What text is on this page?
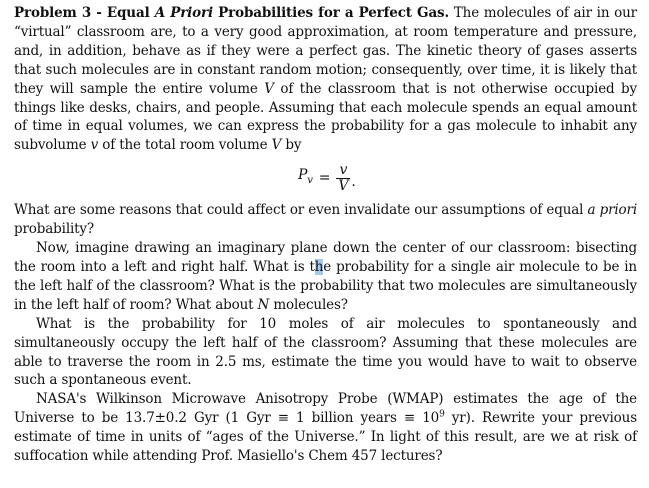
Problem 3 - Equal A Priori Probabilities for a Perfect Gas. The molecules of air in our “virtual” classroom are, to a very good approximation, at room temperature and pressure, and, in addition, behave as if they were a perfect gas. The kinetic theory of gases asserts that such molecules are in constant random motion; consequently, over time, it is likely that they will sample the entire volume V of the classroom that is not otherwise occupied by things like desks, chairs, and people. Assuming that each molecule spends an equal amount of time in equal volumes, we can express the probability for a gas molecule to inhabit any subvolume v of the total room volume V by

$P_v = \frac{v}{V}$ .

What are some reasons that could affect or even invalidate our assumptions of equal a priori probability?

Now, imagine drawing an imaginary plane down the center of our classroom: bisecting the room into a left and right half. What is the probability for a single air molecule to be in the left half of the classroom? What is the probability that two molecules are simultaneously in the left half of room? What about N molecules?

What is the probability for 10 moles of air molecules to spontaneously and simultaneously occupy the left half of the classroom? Assuming that these molecules are able to traverse the room in 2.5 ms, estimate the time you would have to wait to observe such a spontaneous event.

NASA's Wilkinson Microwave Anisotropy Probe (WMAP) estimates the age of the Universe to be 13.7±0.2 Gyr (1 Gyr ≡ 1 billion years ≡ $10^9$ yr). Rewrite your previous estimate of time in units of “ages of the Universe.” In light of this result, are we at risk of suffocation while attending Prof. Masiello's Chem 457 lectures?
